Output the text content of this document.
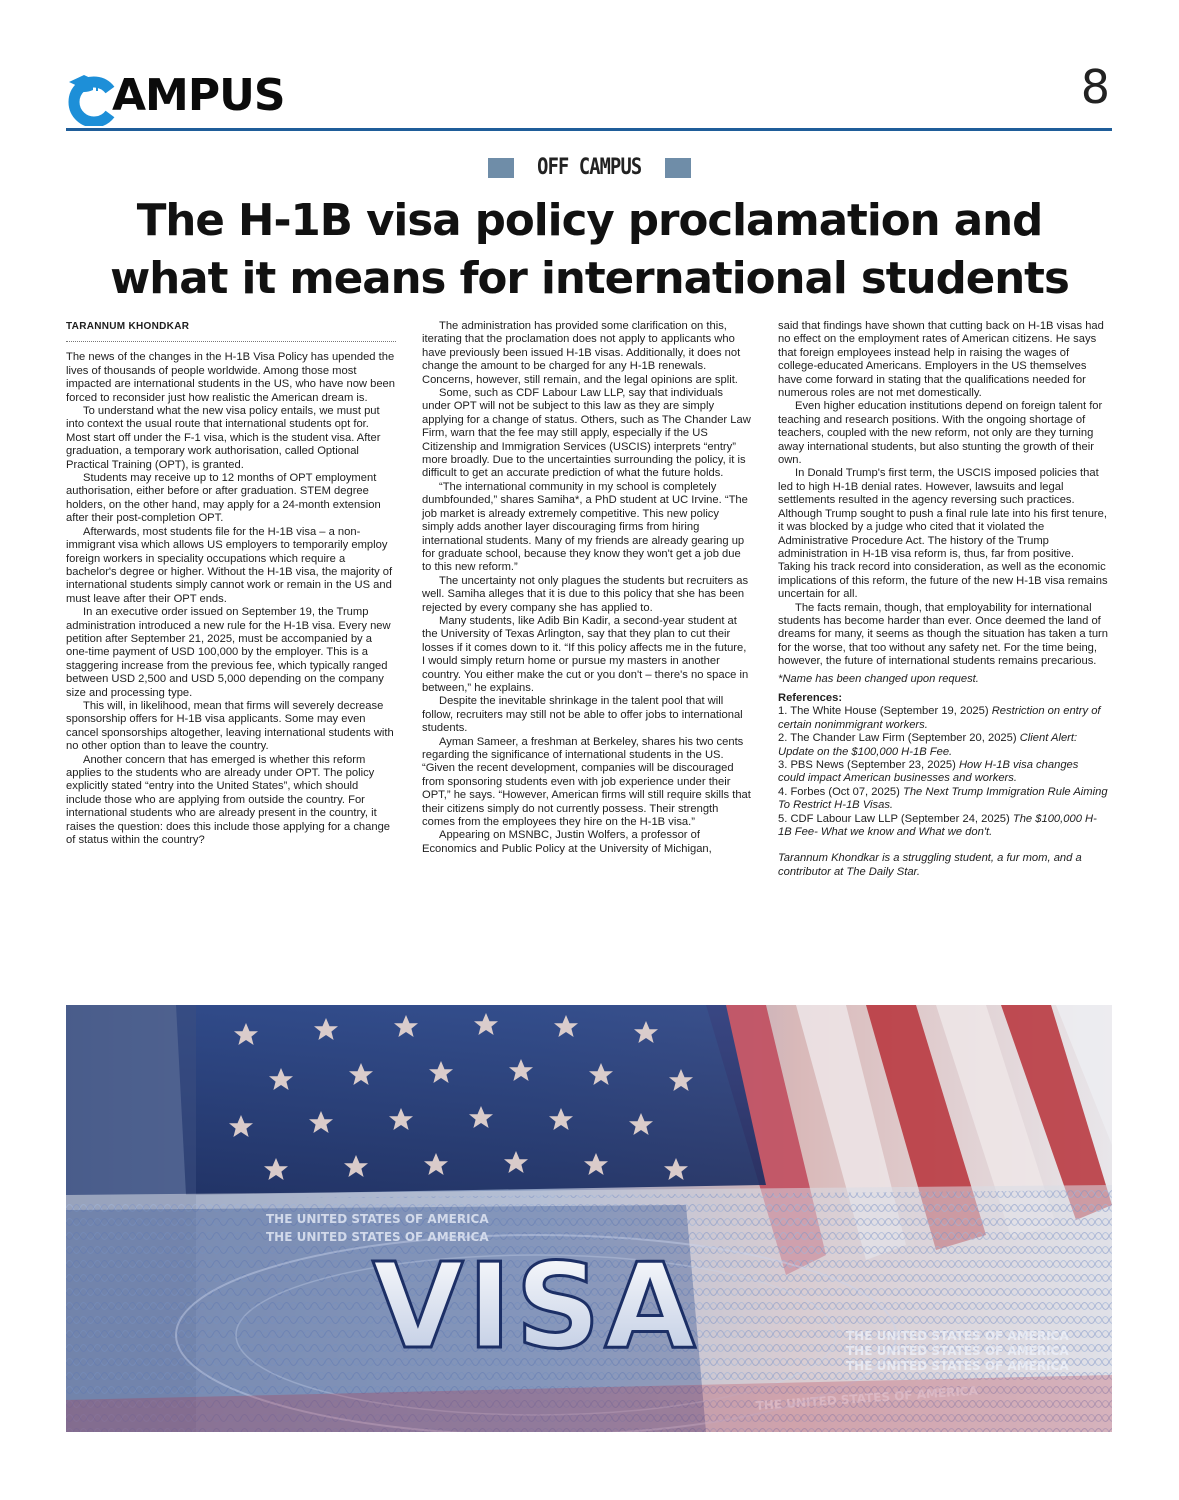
AMPUS	8
OFF CAMPUS
The H-1B visa policy proclamation and
what it means for international students

TARANNUM KHONDKAR

The news of the changes in the H-1B Visa Policy has upended the lives of thousands of people worldwide. Among those most impacted are international students in the US, who have now been forced to reconsider just how realistic the American dream is.

To understand what the new visa policy entails, we must put into context the usual route that international students opt for. Most start off under the F-1 visa, which is the student visa. After graduation, a temporary work authorisation, called Optional Practical Training (OPT), is granted.

Students may receive up to 12 months of OPT employment authorisation, either before or after graduation. STEM degree holders, on the other hand, may apply for a 24-month extension after their post-completion OPT.

Afterwards, most students file for the H-1B visa – a non-immigrant visa which allows US employers to temporarily employ foreign workers in speciality occupations which require a bachelor's degree or higher. Without the H-1B visa, the majority of international students simply cannot work or remain in the US and must leave after their OPT ends.

In an executive order issued on September 19, the Trump administration introduced a new rule for the H-1B visa. Every new petition after September 21, 2025, must be accompanied by a one-time payment of USD 100,000 by the employer. This is a staggering increase from the previous fee, which typically ranged between USD 2,500 and USD 5,000 depending on the company size and processing type.

This will, in likelihood, mean that firms will severely decrease sponsorship offers for H-1B visa applicants. Some may even cancel sponsorships altogether, leaving international students with no other option than to leave the country.

Another concern that has emerged is whether this reform applies to the students who are already under OPT. The policy explicitly stated “entry into the United States”, which should include those who are applying from outside the country. For international students who are already present in the country, it raises the question: does this include those applying for a change of status within the country?

The administration has provided some clarification on this, iterating that the proclamation does not apply to applicants who have previously been issued H-1B visas. Additionally, it does not change the amount to be charged for any H-1B renewals. Concerns, however, still remain, and the legal opinions are split.

Some, such as CDF Labour Law LLP, say that individuals under OPT will not be subject to this law as they are simply applying for a change of status. Others, such as The Chander Law Firm, warn that the fee may still apply, especially if the US Citizenship and Immigration Services (USCIS) interprets “entry” more broadly. Due to the uncertainties surrounding the policy, it is difficult to get an accurate prediction of what the future holds.

“The international community in my school is completely dumbfounded,” shares Samiha*, a PhD student at UC Irvine. “The job market is already extremely competitive. This new policy simply adds another layer discouraging firms from hiring international students. Many of my friends are already gearing up for graduate school, because they know they won't get a job due to this new reform.”

The uncertainty not only plagues the students but recruiters as well. Samiha alleges that it is due to this policy that she has been rejected by every company she has applied to.

Many students, like Adib Bin Kadir, a second-year student at the University of Texas Arlington, say that they plan to cut their losses if it comes down to it. “If this policy affects me in the future, I would simply return home or pursue my masters in another country. You either make the cut or you don't – there's no space in between,” he explains.

Despite the inevitable shrinkage in the talent pool that will follow, recruiters may still not be able to offer jobs to international students.

Ayman Sameer, a freshman at Berkeley, shares his two cents regarding the significance of international students in the US. “Given the recent development, companies will be discouraged from sponsoring students even with job experience under their OPT,” he says. “However, American firms will still require skills that their citizens simply do not currently possess. Their strength comes from the employees they hire on the H-1B visa.”

Appearing on MSNBC, Justin Wolfers, a professor of Economics and Public Policy at the University of Michigan,

said that findings have shown that cutting back on H-1B visas had no effect on the employment rates of American citizens. He says that foreign employees instead help in raising the wages of college-educated Americans. Employers in the US themselves have come forward in stating that the qualifications needed for numerous roles are not met domestically.

Even higher education institutions depend on foreign talent for teaching and research positions. With the ongoing shortage of teachers, coupled with the new reform, not only are they turning away international students, but also stunting the growth of their own.

In Donald Trump's first term, the USCIS imposed policies that led to high H-1B denial rates. However, lawsuits and legal settlements resulted in the agency reversing such practices. Although Trump sought to push a final rule late into his first tenure, it was blocked by a judge who cited that it violated the Administrative Procedure Act. The history of the Trump administration in H-1B visa reform is, thus, far from positive. Taking his track record into consideration, as well as the economic implications of this reform, the future of the new H-1B visa remains uncertain for all.

The facts remain, though, that employability for international students has become harder than ever. Once deemed the land of dreams for many, it seems as though the situation has taken a turn for the worse, that too without any safety net. For the time being, however, the future of international students remains precarious.

*Name has been changed upon request.

References:

1. The White House (September 19, 2025) Restriction on entry of certain nonimmigrant workers.

2. The Chander Law Firm (September 20, 2025) Client Alert: Update on the $100,000 H-1B Fee.

3. PBS News (September 23, 2025) How H-1B visa changes could impact American businesses and workers.

4. Forbes (Oct 07, 2025) The Next Trump Immigration Rule Aiming To Restrict H-1B Visas.

5. CDF Labour Law LLP (September 24, 2025) The $100,000 H-1B Fee- What we know and What we don't.

Tarannum Khondkar is a struggling student, a fur mom, and a contributor at The Daily Star.

THE UNITED STATES OF AMERICA
THE UNITED STATES OF AMERICA
THE UNITED STATES OF AMERICA
THE UNITED STATES OF AMERICA
THE UNITED STATES OF AMERICA
THE UNITED STATES OF AMERICA
VISA
